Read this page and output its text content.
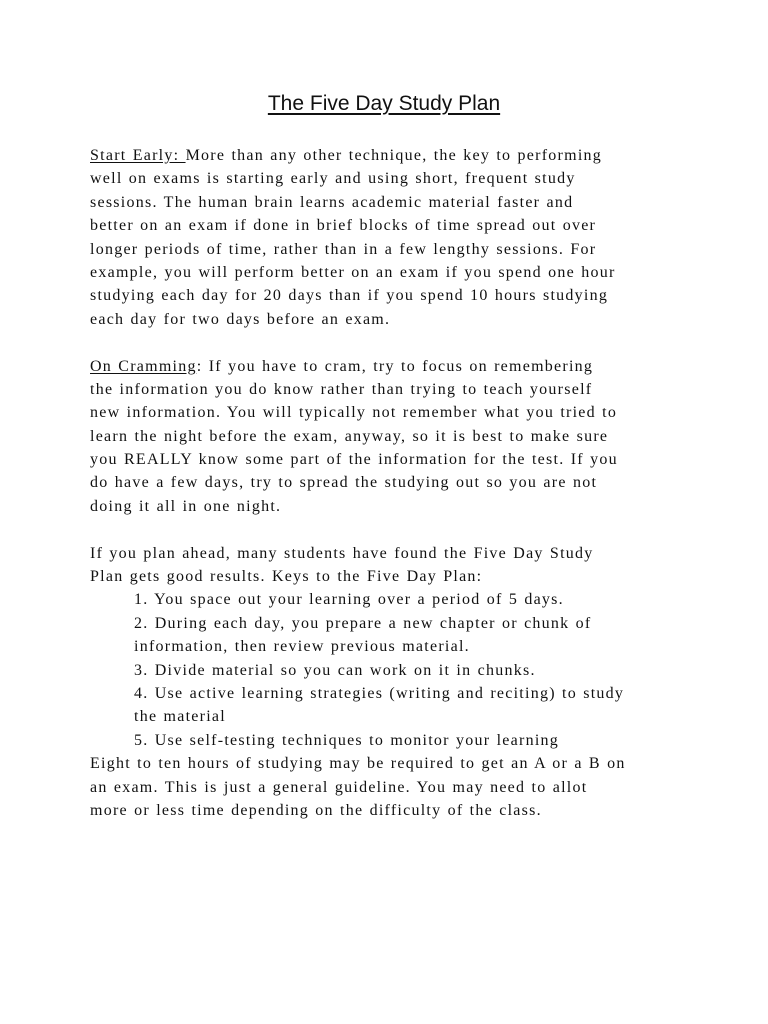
The Five Day Study Plan
Start Early: More than any other technique, the key to performing
well on exams is starting early and using short, frequent study
sessions. The human brain learns academic material faster and
better on an exam if done in brief blocks of time spread out over
longer periods of time, rather than in a few lengthy sessions. For
example, you will perform better on an exam if you spend one hour
studying each day for 20 days than if you spend 10 hours studying
each day for two days before an exam.
On Cramming: If you have to cram, try to focus on remembering
the information you do know rather than trying to teach yourself
new information. You will typically not remember what you tried to
learn the night before the exam, anyway, so it is best to make sure
you REALLY know some part of the information for the test. If you
do have a few days, try to spread the studying out so you are not
doing it all in one night.
If you plan ahead, many students have found the Five Day Study
Plan gets good results. Keys to the Five Day Plan:
1. You space out your learning over a period of 5 days.
2. During each day, you prepare a new chapter or chunk of
information, then review previous material.
3. Divide material so you can work on it in chunks.
4. Use active learning strategies (writing and reciting) to study
the material
5. Use self-testing techniques to monitor your learning
Eight to ten hours of studying may be required to get an A or a B on
an exam. This is just a general guideline. You may need to allot
more or less time depending on the difficulty of the class.
